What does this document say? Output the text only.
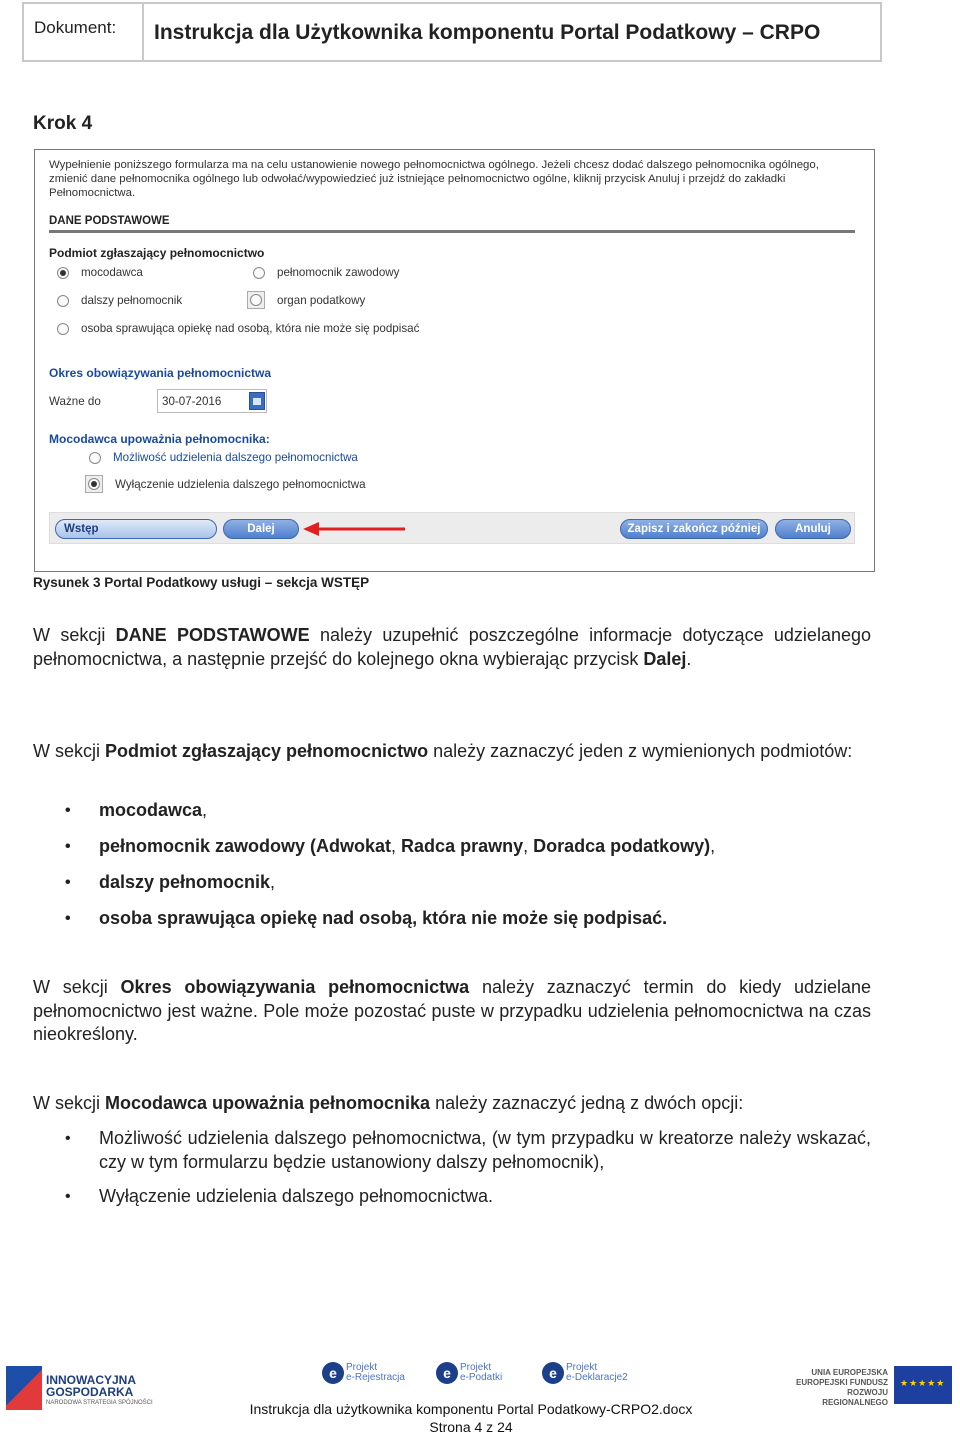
Dokument:	Instrukcja dla Użytkownika komponentu Portal Podatkowy – CRPO
Krok 4
Wypełnienie poniższego formularza ma na celu ustanowienie nowego pełnomocnictwa ogólnego. Jeżeli chcesz dodać dalszego pełnomocnika ogólnego, zmienić dane pełnomocnika ogólnego lub odwołać/wypowiedzieć już istniejące pełnomocnictwo ogólne, kliknij przycisk Anuluj i przejdź do zakładki Pełnomocnictwa.
DANE PODSTAWOWE
Podmiot zgłaszający pełnomocnictwo
mocodawca	pełnomocnik zawodowy
dalszy pełnomocnik	organ podatkowy
osoba sprawująca opiekę nad osobą, która nie może się podpisać
Okres obowiązywania pełnomocnictwa
Ważne do	30-07-2016
Mocodawca upoważnia pełnomocnika:
Możliwość udzielenia dalszego pełnomocnictwa
Wyłączenie udzielenia dalszego pełnomocnictwa
Wstęp	Dalej	Zapisz i zakończ później	Anuluj
Rysunek 3 Portal Podatkowy usługi – sekcja WSTĘP
W sekcji DANE PODSTAWOWE należy uzupełnić poszczególne informacje dotyczące udzielanego pełnomocnictwa, a następnie przejść do kolejnego okna wybierając przycisk Dalej.
W sekcji Podmiot zgłaszający pełnomocnictwo należy zaznaczyć jeden z wymienionych podmiotów:
• mocodawca,
• pełnomocnik zawodowy (Adwokat, Radca prawny, Doradca podatkowy),
• dalszy pełnomocnik,
• osoba sprawująca opiekę nad osobą, która nie może się podpisać.
W sekcji Okres obowiązywania pełnomocnictwa należy zaznaczyć termin do kiedy udzielane pełnomocnictwo jest ważne. Pole może pozostać puste w przypadku udzielenia pełnomocnictwa na czas nieokreślony.
W sekcji Mocodawca upoważnia pełnomocnika należy zaznaczyć jedną z dwóch opcji:
• Możliwość udzielenia dalszego pełnomocnictwa, (w tym przypadku w kreatorze należy wskazać, czy w tym formularzu będzie ustanowiony dalszy pełnomocnik),
• Wyłączenie udzielenia dalszego pełnomocnictwa.
INNOWACYJNA
GOSPODARKA
NARODOWA STRATEGIA SPÓJNOŚCI
e Projekt
e-Rejestracja	e Projekt
e-Podatki	e Projekt
e-Deklaracje2	UNIA EUROPEJSKA
EUROPEJSKI FUNDUSZ
ROZWOJU REGIONALNEGO
★★★★★
Instrukcja dla użytkownika komponentu Portal Podatkowy-CRPO2.docx
Strona 4 z 24
